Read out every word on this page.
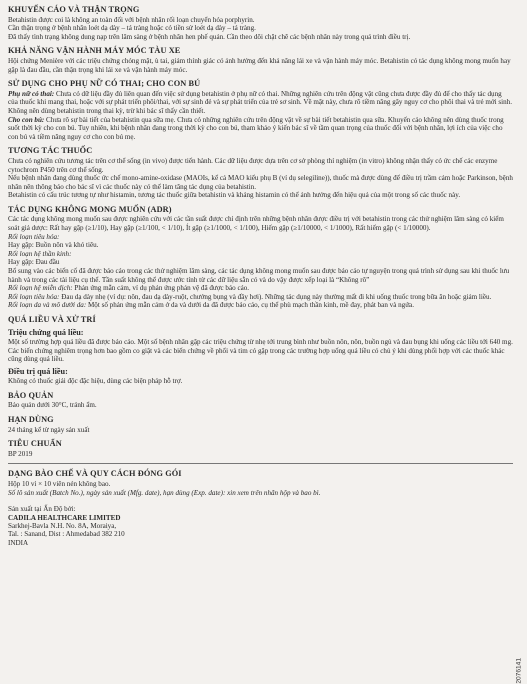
KHUYẾN CÁO VÀ THẬN TRỌNG

Betahistin được coi là không an toàn đối với bệnh nhân rối loạn chuyển hóa porphyrin.

Cần thận trọng ở bệnh nhân loét dạ dày – tá tràng hoặc có tiền sử loét dạ dày – tá tràng.

Đã thấy tình trạng không dung nạp trên lâm sàng ở bệnh nhân hen phế quản. Cần theo dõi chặt chẽ các bệnh nhân này trong quá trình điều trị.

KHẢ NĂNG VẬN HÀNH MÁY MÓC TÀU XE

Hội chứng Menière với các triệu chứng chóng mặt, ù tai, giảm thính giác có ảnh hưởng đến khả năng lái xe và vận hành máy móc. Betahistin có tác dụng không mong muốn hay gặp là đau đầu, cần thận trọng khi lái xe và vận hành máy móc.

SỬ DỤNG CHO PHỤ NỮ CÓ THAI; CHO CON BÚ

Phụ nữ có thai: Chưa có dữ liệu đầy đủ liên quan đến việc sử dụng betahistin ở phụ nữ có thai. Những nghiên cứu trên động vật cũng chưa được đầy đủ để cho thấy tác dụng của thuốc khi mang thai, hoặc với sự phát triển phôi/thai, với sự sinh đẻ và sự phát triển của trẻ sơ sinh. Về mặt này, chưa rõ tiềm năng gây nguy cơ cho phôi thai và trẻ mới sinh. Không nên dùng betahistin trong thai kỳ, trừ khi bác sĩ thấy cần thiết.

Cho con bú: Chưa rõ sự bài tiết của betahistin qua sữa mẹ. Chưa có những nghiên cứu trên động vật về sự bài tiết betahistin qua sữa. Khuyến cáo không nên dùng thuốc trong suốt thời kỳ cho con bú. Tuy nhiên, khi bệnh nhân đang trong thời kỳ cho con bú, tham khảo ý kiến bác sĩ về tầm quan trọng của thuốc đối với bệnh nhân, lợi ích của việc cho con bú và tiềm năng nguy cơ cho con bú mẹ.

TƯƠNG TÁC THUỐC

Chưa có nghiên cứu tương tác trên cơ thể sống (in vivo) được tiến hành. Các dữ liệu được dựa trên cơ sở phòng thí nghiệm (in vitro) không nhận thấy có ức chế các enzyme cytochrom P450 trên cơ thể sống.

Nếu bệnh nhân đang dùng thuốc ức chế mono-amine-oxidase (MAOIs, kể cả MAO kiểu phụ B (ví dụ selegiline)), thuốc mà được dùng để điều trị trầm cảm hoặc Parkinson, bệnh nhân nên thông báo cho bác sĩ vì các thuốc này có thể làm tăng tác dụng của betahistin.

Betahistin có cấu trúc tương tự như histamin, tương tác thuốc giữa betahistin và kháng histamin có thể ảnh hưởng đến hiệu quả của một trong số các thuốc này.

TÁC DỤNG KHÔNG MONG MUỐN (ADR)

Các tác dụng không mong muốn sau được nghiên cứu với các tần suất được chỉ định trên những bệnh nhân được điều trị với betahistin trong các thử nghiệm lâm sàng có kiểm soát giả dược: Rất hay gặp (≥1/10), Hay gặp (≥1/100, < 1/10), Ít gặp (≥1/1000, < 1/100), Hiếm gặp (≥1/10000, < 1/1000), Rất hiếm gặp (< 1/10000).

Rối loạn tiêu hóa:

Hay gặp: Buồn nôn và khó tiêu.

Rối loạn hệ thần kinh:

Hay gặp: Đau đầu

Bổ sung vào các biến cố đã được báo cáo trong các thử nghiệm lâm sàng, các tác dụng không mong muốn sau được báo cáo tự nguyện trong quá trình sử dụng sau khi thuốc lưu hành và trong các tài liệu cụ thể. Tần suất không thể được ước tính từ các dữ liệu sẵn có và do vậy được xếp loại là “Không rõ”

Rối loạn hệ miễn dịch: Phản ứng mẫn cảm, ví dụ phản ứng phản vệ đã được báo cáo.

Rối loạn tiêu hóa: Đau dạ dày nhẹ (ví dụ: nôn, đau dạ dày-ruột, chướng bụng và đầy hơi). Những tác dụng này thường mất đi khi uống thuốc trong bữa ăn hoặc giảm liều.

Rối loạn da và mô dưới da: Một số phản ứng mẫn cảm ở da và dưới da đã được báo cáo, cụ thể phù mạch thần kinh, mề đay, phát ban và ngứa.

QUÁ LIỀU VÀ XỬ TRÍ
Triệu chứng quá liều:

Một số trường hợp quá liều đã được báo cáo. Một số bệnh nhân gặp các triệu chứng từ nhẹ tới trung bình như buồn nôn, nôn, buồn ngủ và đau bụng khi uống các liều tới 640 mg. Các biến chứng nghiêm trọng hơn bao gồm co giật và các biến chứng về phổi và tim có gặp trong các trường hợp uống quá liều có chủ ý khi dùng phối hợp với các thuốc khác cũng dùng quá liều.

Điều trị quá liều:

Không có thuốc giải độc đặc hiệu, dùng các biện pháp hỗ trợ.

BẢO QUẢN

Bảo quản dưới 30°C, tránh ẩm.

HẠN DÙNG

24 tháng kể từ ngày sản xuất

TIÊU CHUẨN

BP 2019

DẠNG BÀO CHẾ VÀ QUY CÁCH ĐÓNG GÓI

Hộp 10 vỉ × 10 viên nén không bao.

Số lô sản xuất (Batch No.), ngày sản xuất (Mfg. date), hạn dùng (Exp. date): xin xem trên nhãn hộp và bao bì.

Sản xuất tại Ấn Độ bởi:

CADILA HEALTHCARE LIMITED

Sarkhej-Bavla N.H. No. 8A, Moraiya,

Tal. : Sanand, Dist : Ahmedabad 382 210

INDIA

2076141
